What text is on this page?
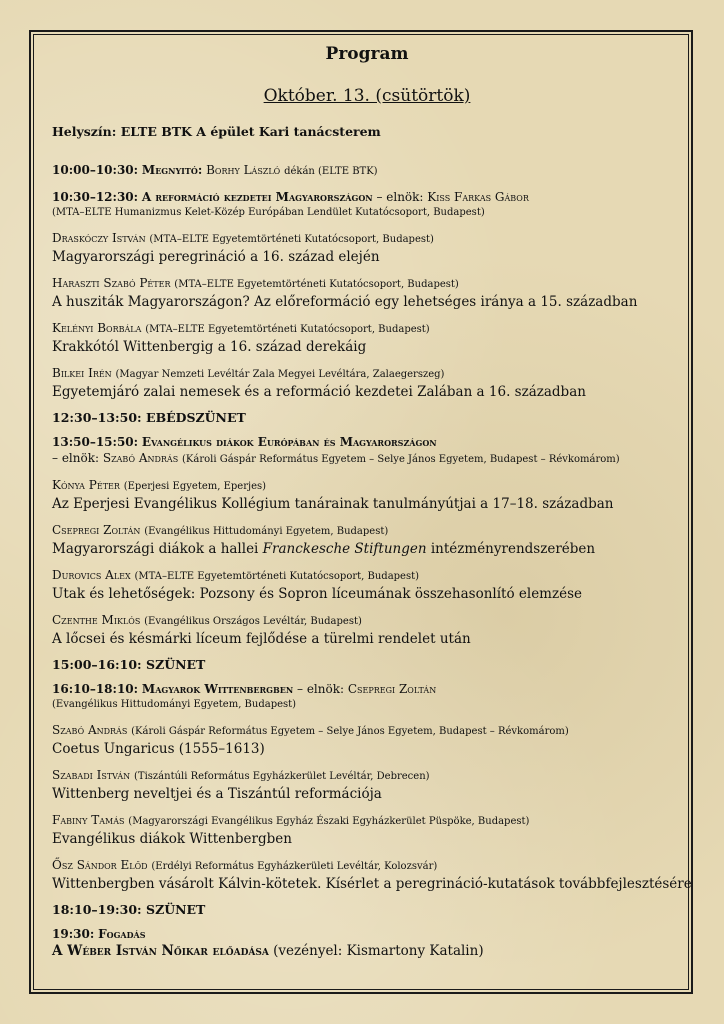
Program
Október. 13. (csütörtök)
Helyszín: ELTE BTK A épület Kari tanácsterem
10:00–10:30: Megnyitó: Borhy László dékán (ELTE BTK)
10:30–12:30: A reformáció kezdetei Magyarországon – elnök: Kiss Farkas Gábor
(MTA–ELTE Humanizmus Kelet-Közép Európában Lendület Kutatócsoport, Budapest)
Draskóczy István (MTA–ELTE Egyetemtörténeti Kutatócsoport, Budapest)
Magyarországi peregrináció a 16. század elején
Haraszti Szabó Péter (MTA–ELTE Egyetemtörténeti Kutatócsoport, Budapest)
A husziták Magyarországon? Az előreformáció egy lehetséges iránya a 15. században
Kelényi Borbála (MTA–ELTE Egyetemtörténeti Kutatócsoport, Budapest)
Krakkótól Wittenbergig a 16. század derekáig
Bilkei Irén (Magyar Nemzeti Levéltár Zala Megyei Levéltára, Zalaegerszeg)
Egyetemjáró zalai nemesek és a reformáció kezdetei Zalában a 16. században
12:30–13:50: EBÉDSZÜNET
13:50–15:50: Evangélikus diákok Európában és Magyarországon
– elnök: Szabó András (Károli Gáspár Református Egyetem – Selye János Egyetem, Budapest – Révkomárom)
Kónya Péter (Eperjesi Egyetem, Eperjes)
Az Eperjesi Evangélikus Kollégium tanárainak tanulmányútjai a 17–18. században
Csepregi Zoltán (Evangélikus Hittudományi Egyetem, Budapest)
Magyarországi diákok a hallei Franckesche Stiftungen intézményrendszerében
Durovics Alex (MTA–ELTE Egyetemtörténeti Kutatócsoport, Budapest)
Utak és lehetőségek: Pozsony és Sopron líceumának összehasonlító elemzése
Czenthe Miklós (Evangélikus Országos Levéltár, Budapest)
A lőcsei és késmárki líceum fejlődése a türelmi rendelet után
15:00–16:10: SZÜNET
16:10–18:10: Magyarok Wittenbergben – elnök: Csepregi Zoltán
(Evangélikus Hittudományi Egyetem, Budapest)
Szabó András (Károli Gáspár Református Egyetem – Selye János Egyetem, Budapest – Révkomárom)
Coetus Ungaricus (1555–1613)
Szabadi István (Tiszántúli Református Egyházkerület Levéltár, Debrecen)
Wittenberg neveltjei és a Tiszántúl reformációja
Fabiny Tamás (Magyarországi Evangélikus Egyház Északi Egyházkerület Püspöke, Budapest)
Evangélikus diákok Wittenbergben
Ősz Sándor Előd (Erdélyi Református Egyházkerületi Levéltár, Kolozsvár)
Wittenbergben vásárolt Kálvin-kötetek. Kísérlet a peregrináció-kutatások továbbfejlesztésére
18:10–19:30: SZÜNET
19:30: Fogadás
A Wéber István Nőikar előadása (vezényel: Kismartony Katalin)
